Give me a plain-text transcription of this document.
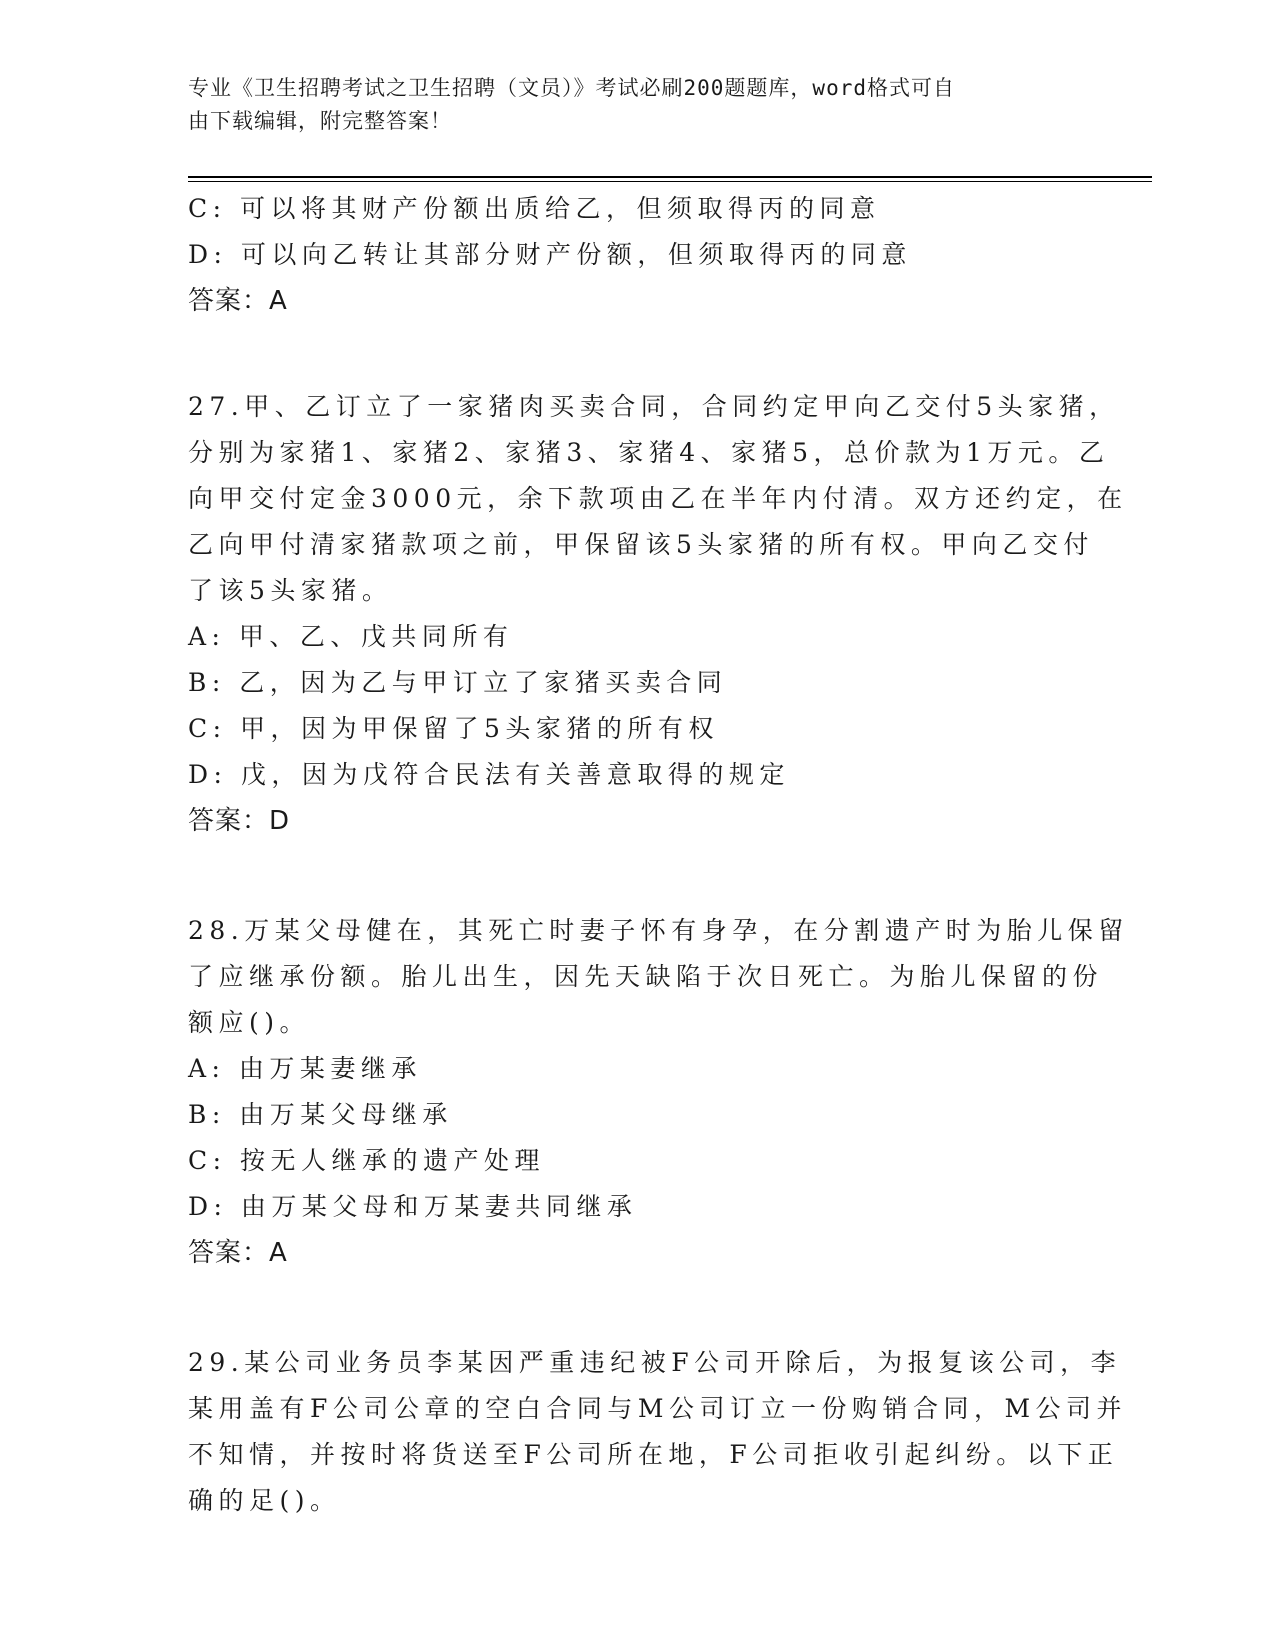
专业《卫生招聘考试之卫生招聘（文员）》考试必刷200题题库，word格式可自
由下载编辑，附完整答案！
C: 可以将其财产份额出质给乙，但须取得丙的同意
D: 可以向乙转让其部分财产份额，但须取得丙的同意
答案：A
27.甲、乙订立了一家猪肉买卖合同，合同约定甲向乙交付5头家猪，
分别为家猪1、家猪2、家猪3、家猪4、家猪5，总价款为1万元。乙
向甲交付定金3000元，余下款项由乙在半年内付清。双方还约定，在
乙向甲付清家猪款项之前，甲保留该5头家猪的所有权。甲向乙交付
了该5头家猪。
A: 甲、乙、戊共同所有
B: 乙，因为乙与甲订立了家猪买卖合同
C: 甲，因为甲保留了5头家猪的所有权
D: 戊，因为戊符合民法有关善意取得的规定
答案：D
28.万某父母健在，其死亡时妻子怀有身孕，在分割遗产时为胎儿保留
了应继承份额。胎儿出生，因先天缺陷于次日死亡。为胎儿保留的份
额应()。
A: 由万某妻继承
B: 由万某父母继承
C: 按无人继承的遗产处理
D: 由万某父母和万某妻共同继承
答案：A
29.某公司业务员李某因严重违纪被F公司开除后，为报复该公司，李
某用盖有F公司公章的空白合同与M公司订立一份购销合同，M公司并
不知情，并按时将货送至F公司所在地，F公司拒收引起纠纷。以下正
确的足()。
